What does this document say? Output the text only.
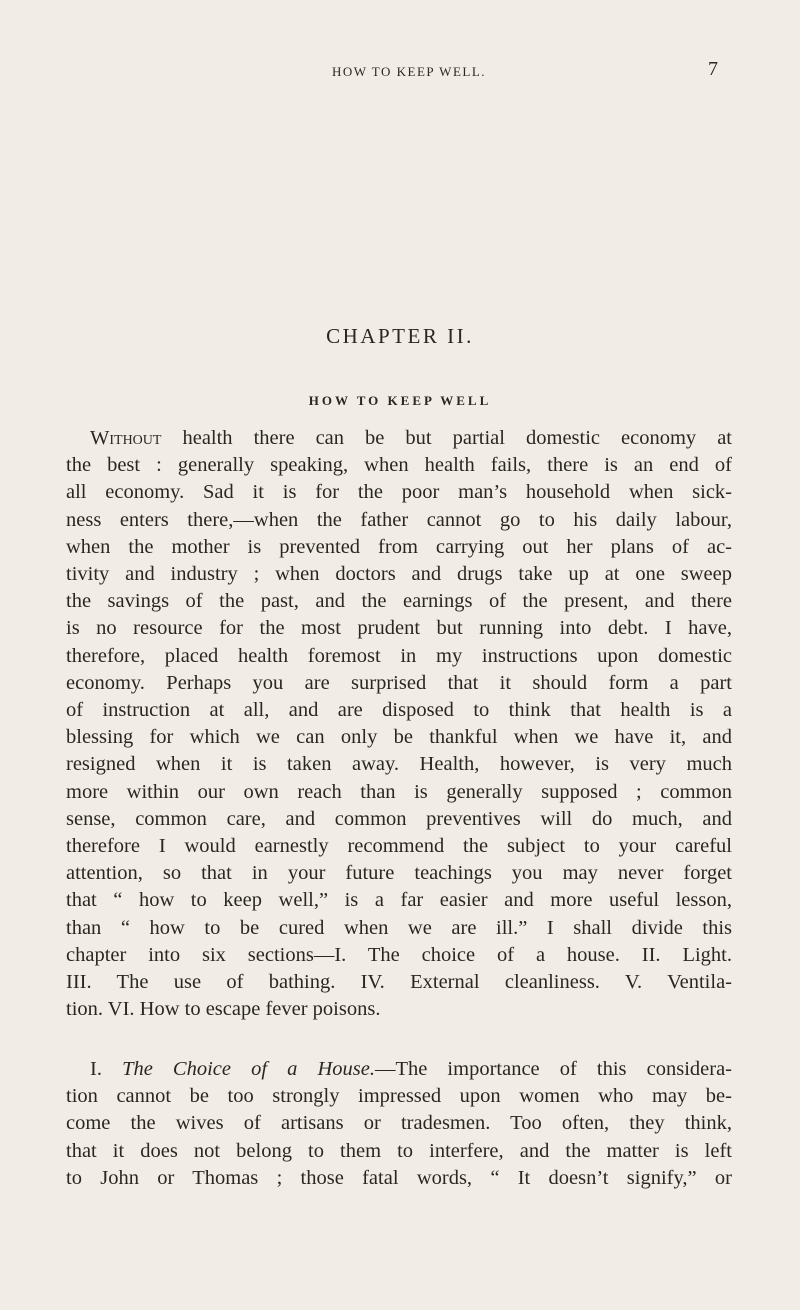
HOW TO KEEP WELL.	7
CHAPTER II.
HOW TO KEEP WELL
Without health there can be but partial domestic economy at
the best : generally speaking, when health fails, there is an end of
all economy. Sad it is for the poor man’s household when sick-
ness enters there,—when the father cannot go to his daily labour,
when the mother is prevented from carrying out her plans of ac-
tivity and industry ; when doctors and drugs take up at one sweep
the savings of the past, and the earnings of the present, and there
is no resource for the most prudent but running into debt. I have,
therefore, placed health foremost in my instructions upon domestic
economy. Perhaps you are surprised that it should form a part
of instruction at all, and are disposed to think that health is a
blessing for which we can only be thankful when we have it, and
resigned when it is taken away. Health, however, is very much
more within our own reach than is generally supposed ; common
sense, common care, and common preventives will do much, and
therefore I would earnestly recommend the subject to your careful
attention, so that in your future teachings you may never forget
that “ how to keep well,” is a far easier and more useful lesson,
than “ how to be cured when we are ill.” I shall divide this
chapter into six sections—I. The choice of a house. II. Light.
III. The use of bathing. IV. External cleanliness. V. Ventila-
tion. VI. How to escape fever poisons.
I. The Choice of a House.—The importance of this considera-
tion cannot be too strongly impressed upon women who may be-
come the wives of artisans or tradesmen. Too often, they think,
that it does not belong to them to interfere, and the matter is left
to John or Thomas ; those fatal words, “ It doesn’t signify,” or
